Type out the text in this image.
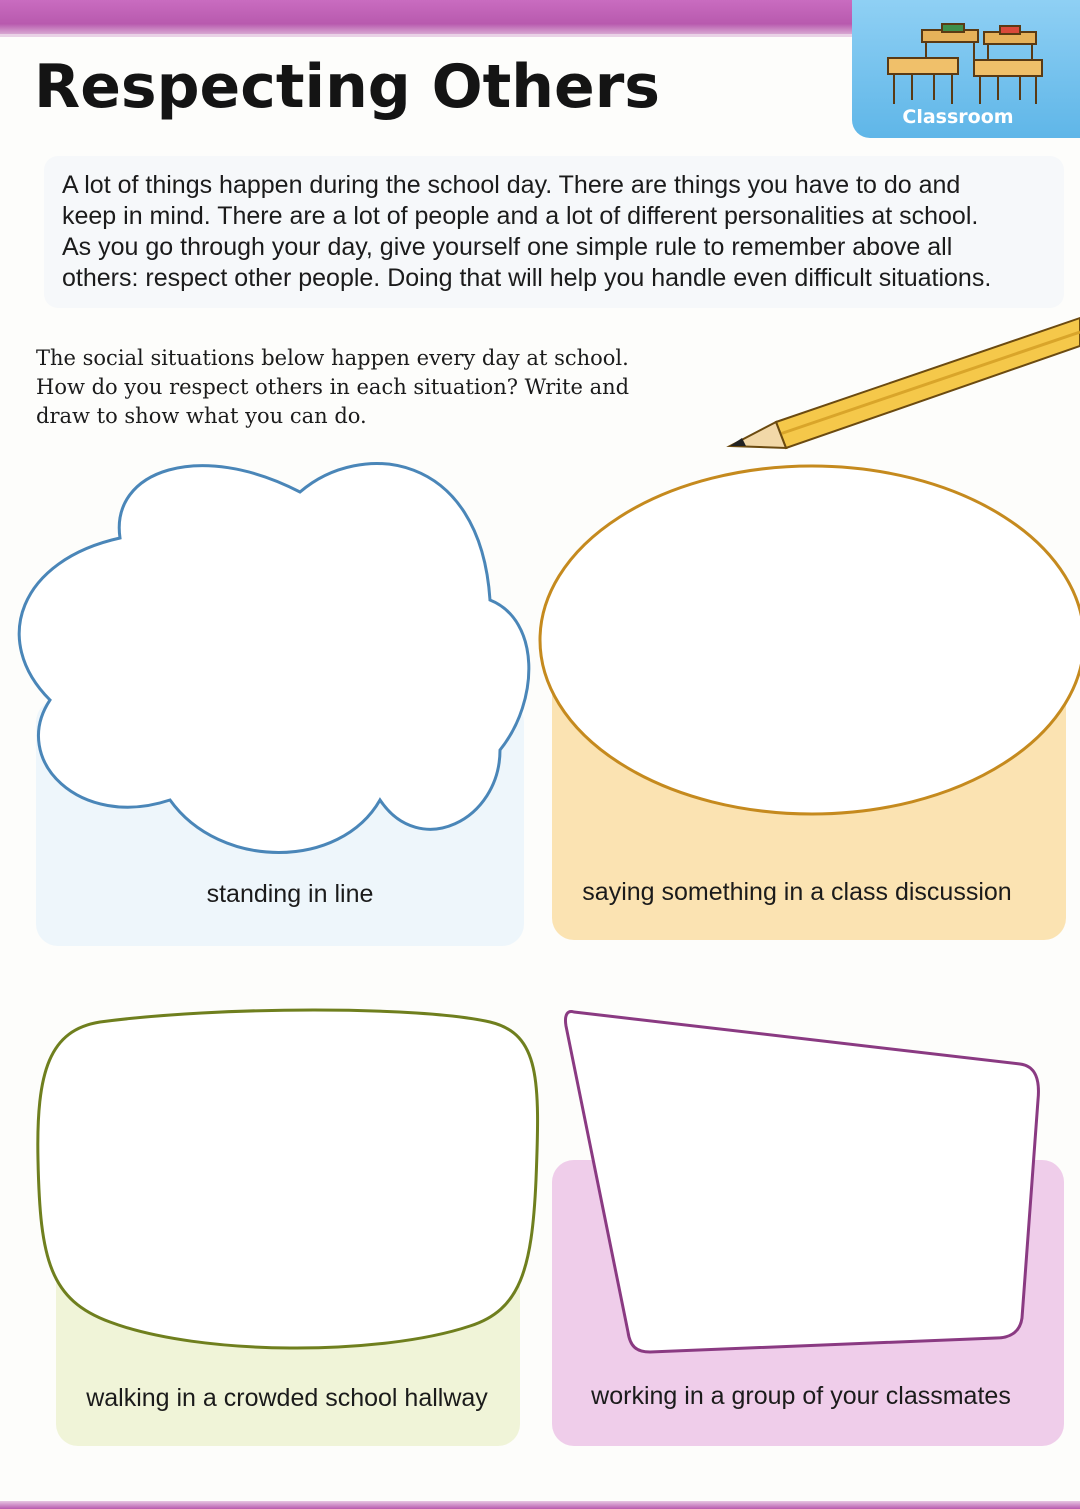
Classroom
Respecting Others

A lot of things happen during the school day. There are things you have to do and
keep in mind. There are a lot of people and a lot of different personalities at school.
As you go through your day, give yourself one simple rule to remember above all
others: respect other people. Doing that will help you handle even difficult situations.

The social situations below happen every day at school.
How do you respect others in each situation? Write and
draw to show what you can do.

standing in line	saying something in a class discussion
walking in a crowded school hallway	working in a group of your classmates
